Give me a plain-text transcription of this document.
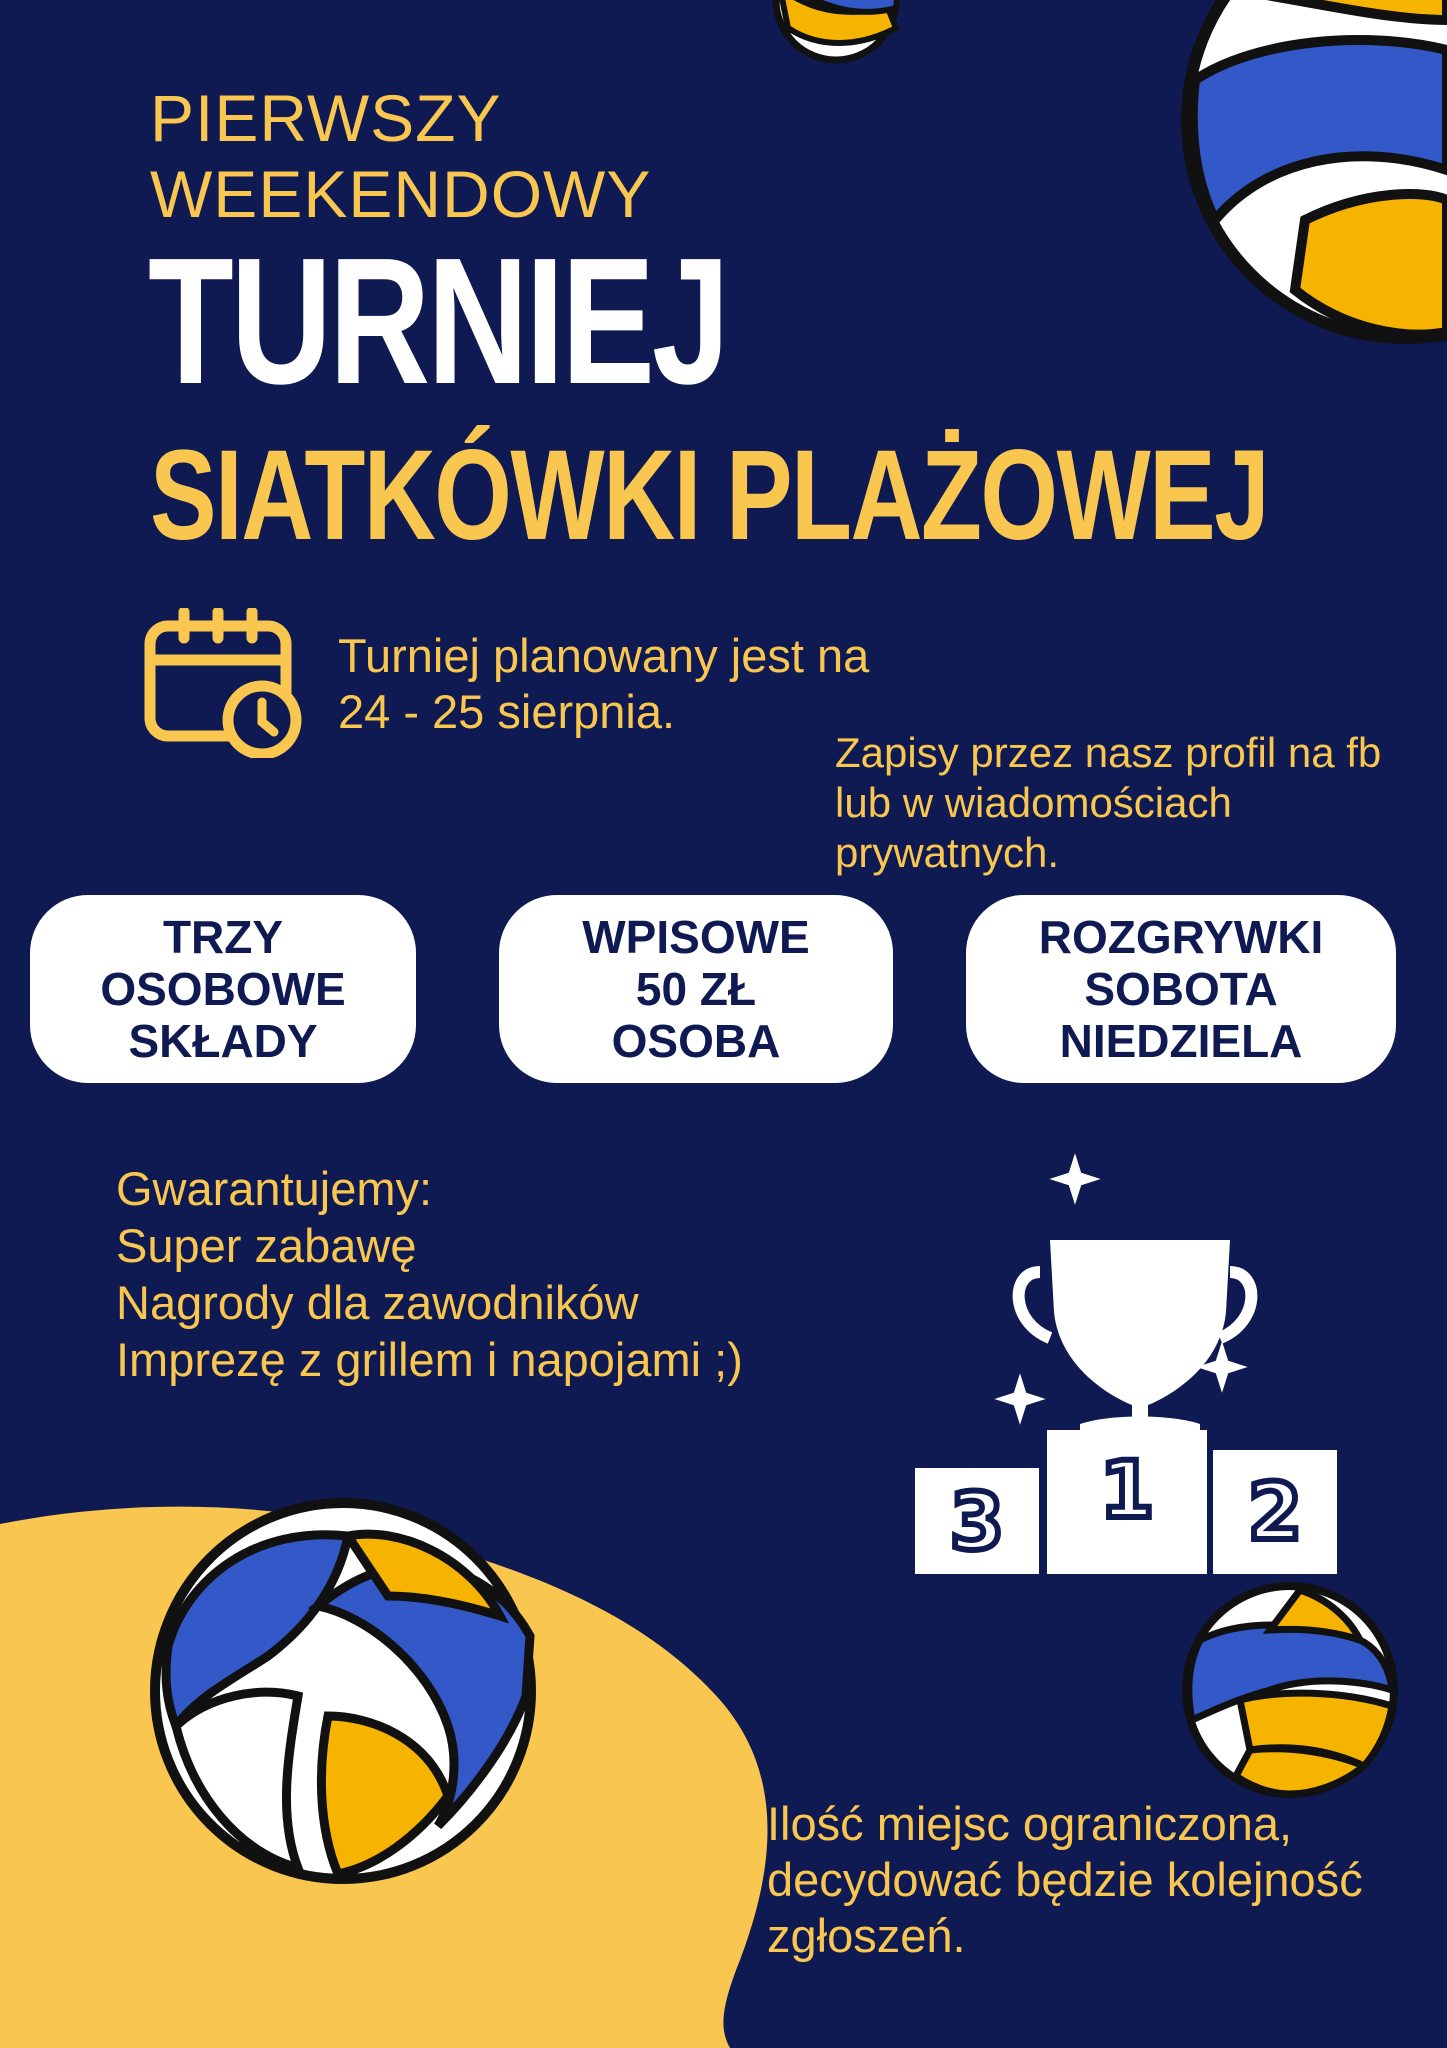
PIERWSZY
WEEKENDOWY
TURNIEJ
SIATKÓWKI PLAŻOWEJ
Turniej planowany jest na
24 - 25 sierpnia.
Zapisy przez nasz profil na fb
lub w wiadomościach
prywatnych.
TRZY
OSOBOWE
SKŁADY
WPISOWE
50 ZŁ
OSOBA
ROZGRYWKI
SOBOTA
NIEDZIELA
Gwarantujemy:
Super zabawę
Nagrody dla zawodników
Imprezę z grillem i napojami ;)
3	1	2
Ilość miejsc ograniczona,
decydować będzie kolejność
zgłoszeń.
